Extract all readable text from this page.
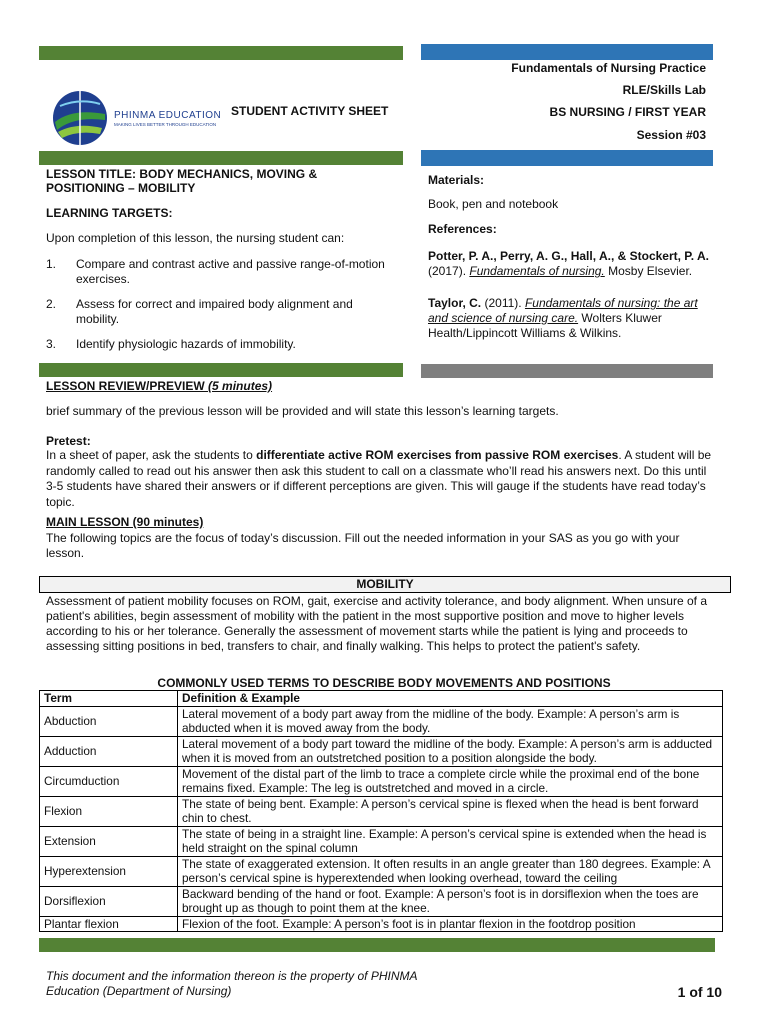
PHINMA EDUCATION
MAKING LIVES BETTER THROUGH EDUCATION
STUDENT ACTIVITY SHEET
Fundamentals of Nursing Practice
RLE/Skills Lab
BS NURSING / FIRST YEAR
Session #03

LESSON TITLE: BODY MECHANICS, MOVING & POSITIONING – MOBILITY

LEARNING TARGETS:

Upon completion of this lesson, the nursing student can:

1. Compare and contrast active and passive range-of-motion exercises.
2. Assess for correct and impaired body alignment and mobility.
3. Identify physiologic hazards of immobility.

Materials:

Book, pen and notebook

References:

Potter, P. A., Perry, A. G., Hall, A., & Stockert, P. A. (2017). Fundamentals of nursing. Mosby Elsevier.

Taylor, C. (2011). Fundamentals of nursing: the art and science of nursing care. Wolters Kluwer Health/Lippincott Williams & Wilkins.

LESSON REVIEW/PREVIEW (5 minutes)

brief summary of the previous lesson will be provided and will state this lesson’s learning targets.

Pretest:

In a sheet of paper, ask the students to differentiate active ROM exercises from passive ROM exercises. A student will be randomly called to read out his answer then ask this student to call on a classmate who’ll read his answers next. Do this until 3-5 students have shared their answers or if different perceptions are given. This will gauge if the students have read today’s topic.

MAIN LESSON (90 minutes)

The following topics are the focus of today’s discussion. Fill out the needed information in your SAS as you go with your lesson.

MOBILITY

Assessment of patient mobility focuses on ROM, gait, exercise and activity tolerance, and body alignment. When unsure of a patient's abilities, begin assessment of mobility with the patient in the most supportive position and move to higher levels according to his or her tolerance. Generally the assessment of movement starts while the patient is lying and proceeds to assessing sitting positions in bed, transfers to chair, and finally walking. This helps to protect the patient's safety.

COMMONLY USED TERMS TO DESCRIBE BODY MOVEMENTS AND POSITIONS

Term	Definition & Example
Abduction	Lateral movement of a body part away from the midline of the body. Example: A person’s arm is abducted when it is moved away from the body.
Adduction	Lateral movement of a body part toward the midline of the body. Example: A person’s arm is adducted when it is moved from an outstretched position to a position alongside the body.
Circumduction	Movement of the distal part of the limb to trace a complete circle while the proximal end of the bone remains fixed. Example: The leg is outstretched and moved in a circle.
Flexion	The state of being bent. Example: A person’s cervical spine is flexed when the head is bent forward chin to chest.
Extension	The state of being in a straight line. Example: A person’s cervical spine is extended when the head is held straight on the spinal column
Hyperextension	The state of exaggerated extension. It often results in an angle greater than 180 degrees. Example: A person’s cervical spine is hyperextended when looking overhead, toward the ceiling
Dorsiflexion	Backward bending of the hand or foot. Example: A person’s foot is in dorsiflexion when the toes are brought up as though to point them at the knee.
Plantar flexion	Flexion of the foot. Example: A person’s foot is in plantar flexion in the footdrop position

This document and the information thereon is the property of PHINMA

Education (Department of Nursing)	1 of 10
